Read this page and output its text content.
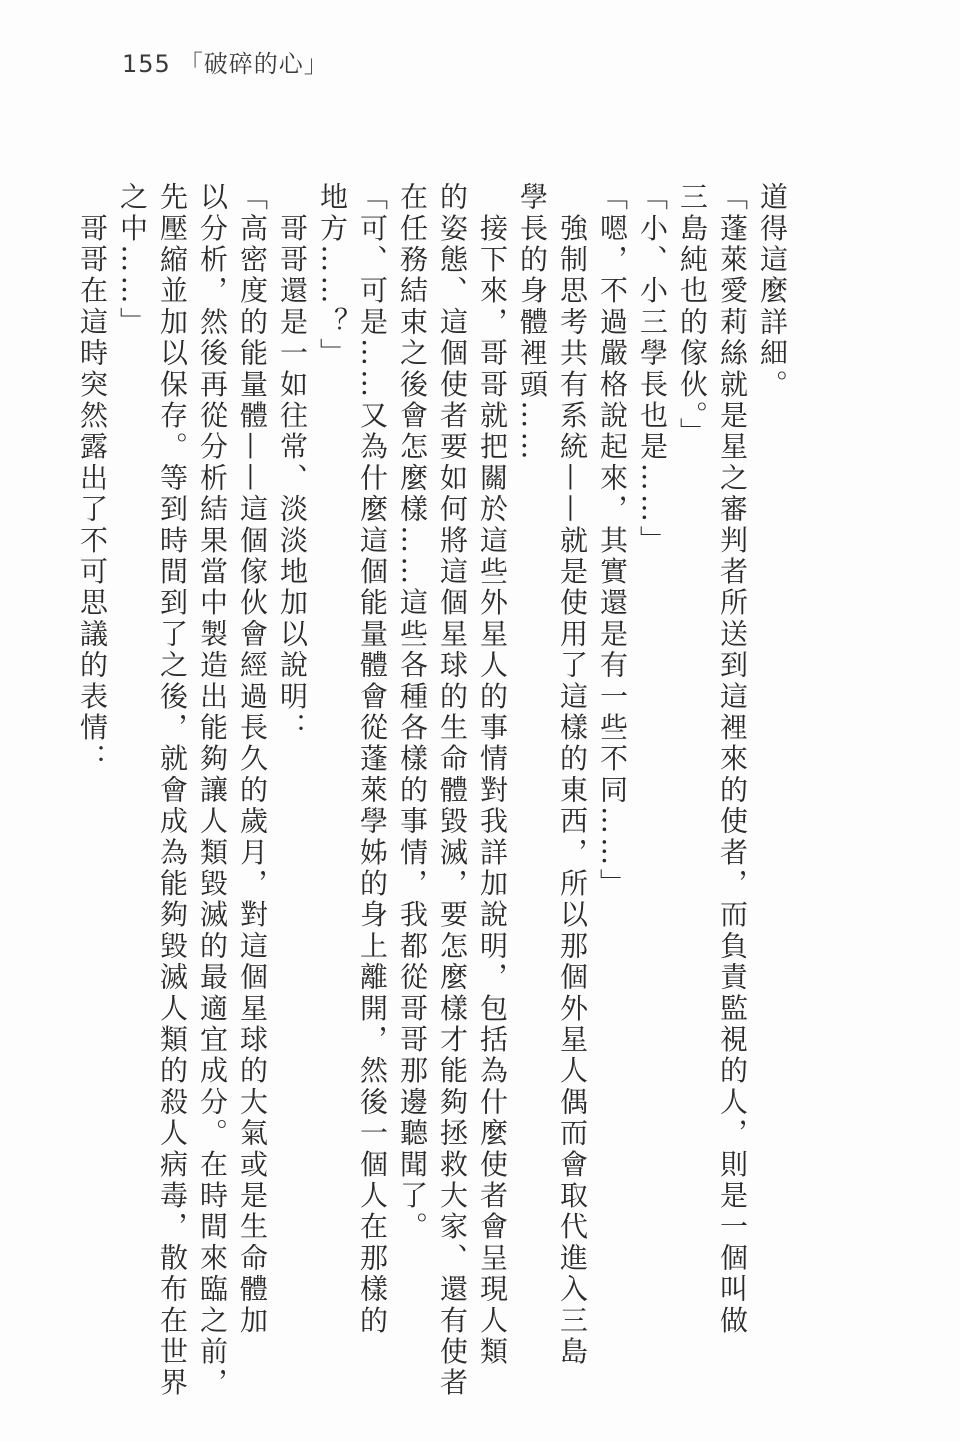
155 「破碎的心」

道得這麼詳細。

「蓬萊愛莉絲就是星之審判者所送到這裡來的使者，而負責監視的人，則是一個叫做

三島純也的傢伙。」

「小、小三學長也是……」

「嗯，不過嚴格說起來，其實還是有一些不同……」

　強制思考共有系統——就是使用了這樣的東西，所以那個外星人偶而會取代進入三島

學長的身體裡頭……

　接下來，哥哥就把關於這些外星人的事情對我詳加說明，包括為什麼使者會呈現人類

的姿態、這個使者要如何將這個星球的生命體毀滅，要怎麼樣才能夠拯救大家、還有使者

在任務結束之後會怎麼樣……這些各種各樣的事情，我都從哥哥那邊聽聞了。

「可、可是……又為什麼這個能量體會從蓬萊學姊的身上離開，然後一個人在那樣的

地方……？」

　哥哥還是一如往常、淡淡地加以說明：

「高密度的能量體——這個傢伙會經過長久的歲月，對這個星球的大氣或是生命體加

以分析，然後再從分析結果當中製造出能夠讓人類毀滅的最適宜成分。在時間來臨之前，

先壓縮並加以保存。等到時間到了之後，就會成為能夠毀滅人類的殺人病毒，散布在世界

之中……」

　哥哥在這時突然露出了不可思議的表情：
